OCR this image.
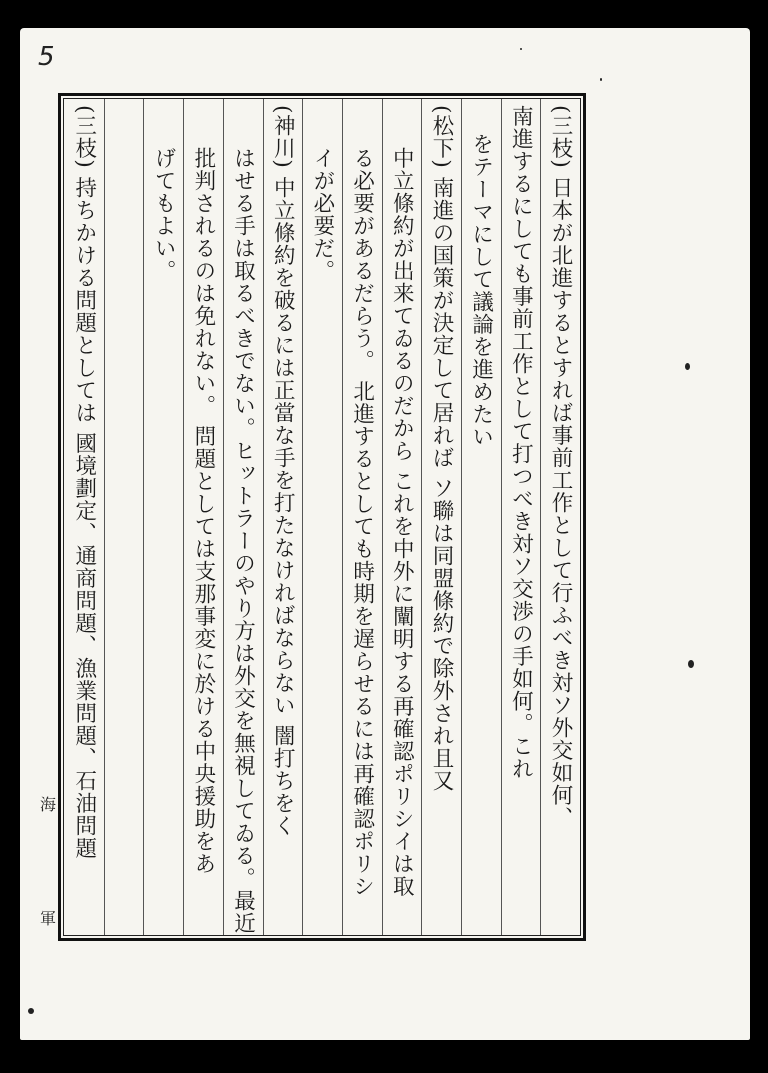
5
海
軍
(三枝) 日本が北進するとすれば事前工作として行ふべき対ソ外交如何、
南進するにしても事前工作として打つべき対ソ交渉の手如何。これ
をテーマにして議論を進めたい
(松下) 南進の国策が決定して居れば ソ聯は同盟條約で除外され且又
中立條約が出来てゐるのだから これを中外に闡明する再確認ポリシイは取
る必要があるだらう。 北進するとしても時期を遅らせるには再確認ポリシ
イが必要だ。
(神川) 中立條約を破るには正當な手を打たなければならない 闇打ちをく
はせる手は取るべきでない。ヒットラーのやり方は外交を無視してゐる。最近
批判されるのは免れない。 問題としては支那事変に於ける中央援助をあ
げてもよい。
(三枝) 持ちかける問題としては 國境劃定、通商問題、漁業問題、石油問題
